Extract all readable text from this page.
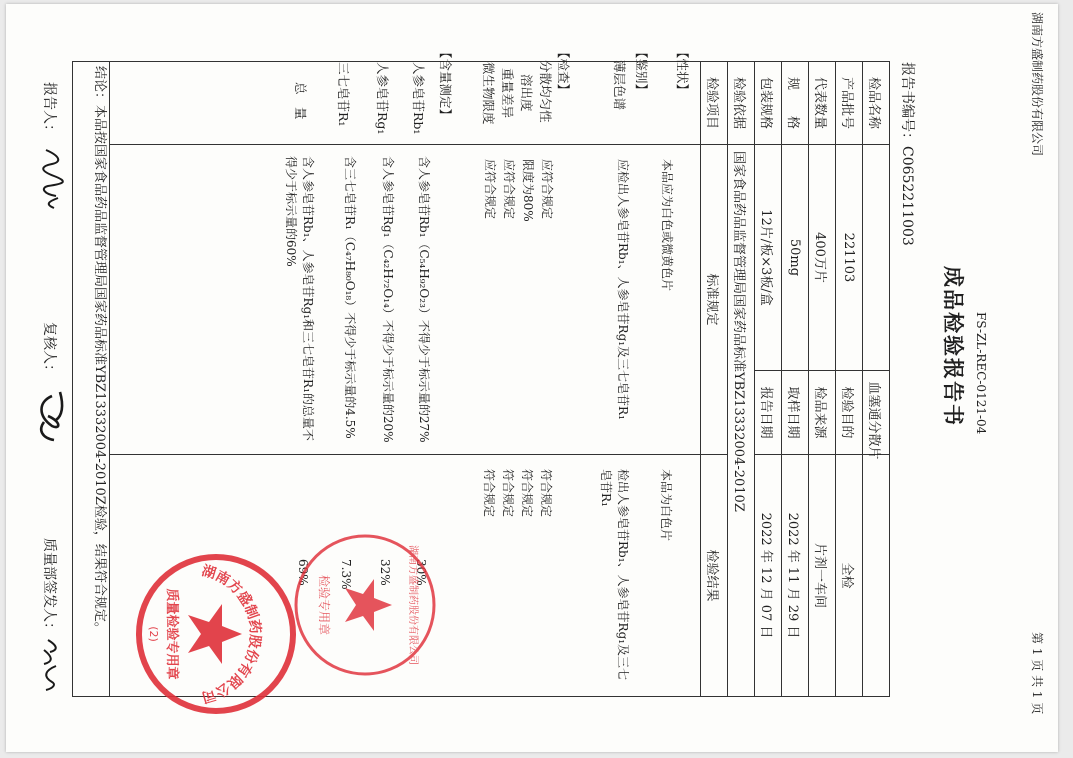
湖南方盛制药股份有限公司
FS-ZL-REC-0121-04
第 1 页 共 1 页
成品检验报告书
报告书编号：C0652211003
检品名称
血塞通分散片
产品批号
221103
检验目的
全检
代表数量
400万片
检品来源
片剂一车间
规　　格
50mg
取样日期
2022 年 11 月 29 日
包装规格
12片/板×3板/盒
报告日期
2022 年 12 月 07 日
检验依据
国家食品药品监督管理局国家药品标准YBZ13332004-2010Z
检验项目
标准规定
检验结果
【性状】
本品应为白色或微黄色片
本品为白色片
【鉴别】
薄层色谱
应检出人参皂苷Rb₁、人参皂苷Rg₁及三七皂苷R₁
检出人参皂苷Rb₁、人参皂苷Rg₁及三七皂苷R₁
【检查】
分散均匀性
应符合规定
符合规定
溶出度
限度为80%
符合规定
重量差异
应符合规定
符合规定
微生物限度
应符合规定
符合规定
【含量测定】
人参皂苷Rb₁
含人参皂苷Rb₁（C₅₄H₉₂O₂₃）不得少于标示量的27%
30%
人参皂苷Rg₁
含人参皂苷Rg₁（C₄₂H₇₂O₁₄）不得少于标示量的20%
32%
三七皂苷R₁
含三七皂苷R₁（C₄₇H₈₀O₁₈）不得少于标示量的4.5%
7.3%
总　量
含人参皂苷Rb₁、人参皂苷Rg₁和三七皂苷R₁的总量不得少于标示量的60%
69%
结论：本品按国家食品药品监督管理局国家药品标准YBZ13332004-2010Z检验，结果符合规定。
报告人：
复核人：
质量部签发人：	检验专用章	湖南方盛制药股份有限公司
湖南方盛制药股份有限公司
质量检验专用章
(2)
